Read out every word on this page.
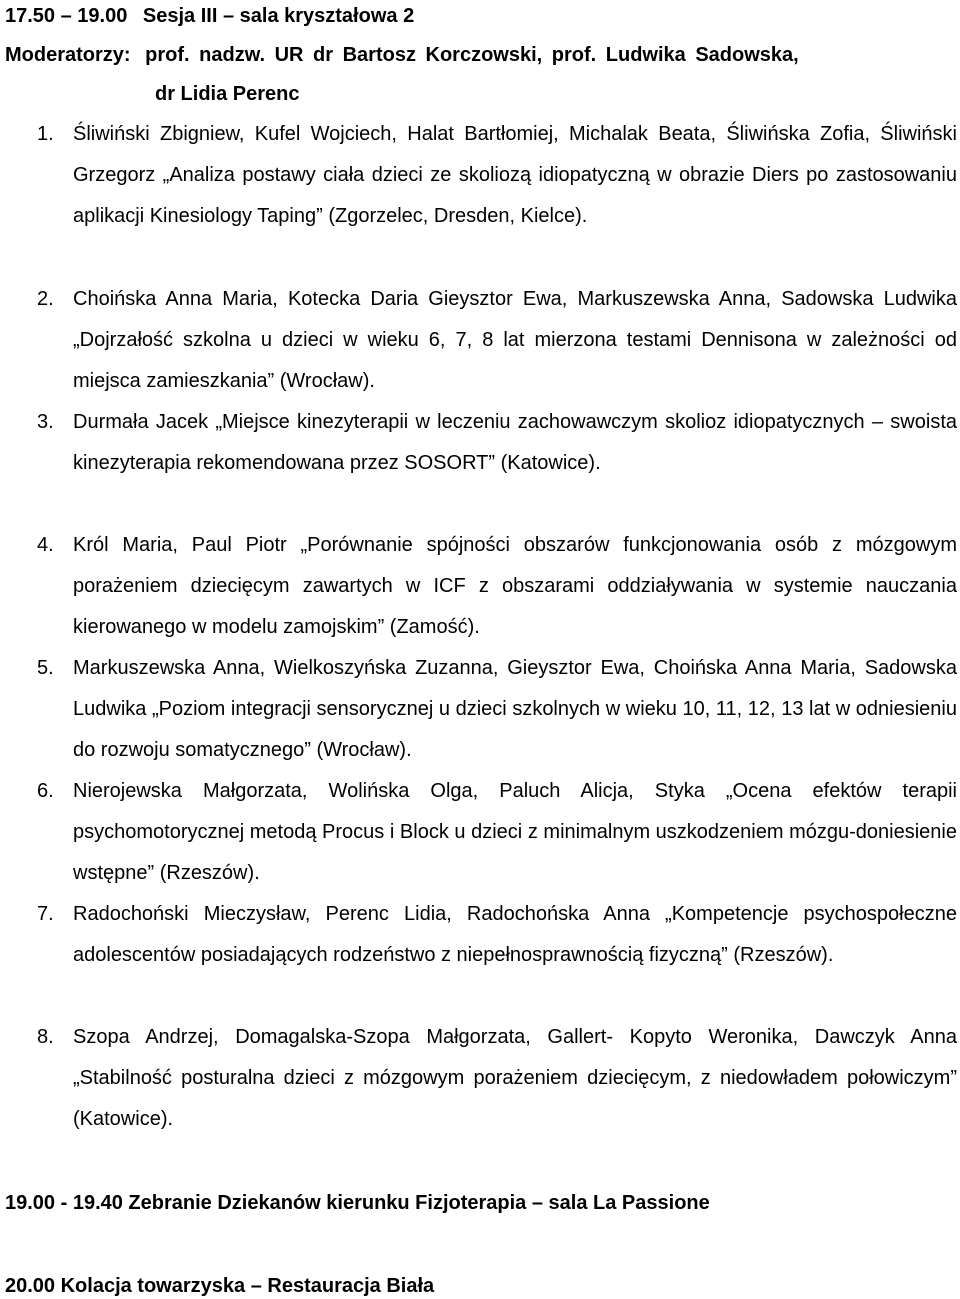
17.50 – 19.00 Sesja III – sala kryształowa 2
Moderatorzy: prof. nadzw. UR dr Bartosz Korczowski, prof. Ludwika Sadowska,
dr Lidia Perenc
1. Śliwiński Zbigniew, Kufel Wojciech, Halat Bartłomiej, Michalak Beata, Śliwińska Zofia, Śliwiński Grzegorz „Analiza postawy ciała dzieci ze skoliozą idiopatyczną w obrazie Diers po zastosowaniu aplikacji Kinesiology Taping” (Zgorzelec, Dresden, Kielce).
2. Choińska Anna Maria, Kotecka Daria Gieysztor Ewa, Markuszewska Anna, Sadowska Ludwika „Dojrzałość szkolna u dzieci w wieku 6, 7, 8 lat mierzona testami Dennisona w zależności od miejsca zamieszkania” (Wrocław).
3. Durmała Jacek „Miejsce kinezyterapii w leczeniu zachowawczym skolioz idiopatycznych – swoista kinezyterapia rekomendowana przez SOSORT” (Katowice).
4. Król Maria, Paul Piotr „Porównanie spójności obszarów funkcjonowania osób z mózgowym porażeniem dziecięcym zawartych w ICF z obszarami oddziaływania w systemie nauczania kierowanego w modelu zamojskim” (Zamość).
5. Markuszewska Anna, Wielkoszyńska Zuzanna, Gieysztor Ewa, Choińska Anna Maria, Sadowska Ludwika „Poziom integracji sensorycznej u dzieci szkolnych w wieku 10, 11, 12, 13 lat w odniesieniu do rozwoju somatycznego” (Wrocław).
6. Nierojewska Małgorzata, Wolińska Olga, Paluch Alicja, Styka „Ocena efektów terapii psychomotorycznej metodą Procus i Block u dzieci z minimalnym uszkodzeniem mózgu-doniesienie wstępne” (Rzeszów).
7. Radochoński Mieczysław, Perenc Lidia, Radochońska Anna „Kompetencje psychospołeczne adolescentów posiadających rodzeństwo z niepełnosprawnością fizyczną” (Rzeszów).
8. Szopa Andrzej, Domagalska-Szopa Małgorzata, Gallert- Kopyto Weronika, Dawczyk Anna „Stabilność posturalna dzieci z mózgowym porażeniem dziecięcym, z niedowładem połowiczym” (Katowice).
19.00 - 19.40 Zebranie Dziekanów kierunku Fizjoterapia – sala La Passione
20.00 Kolacja towarzyska – Restauracja Biała
